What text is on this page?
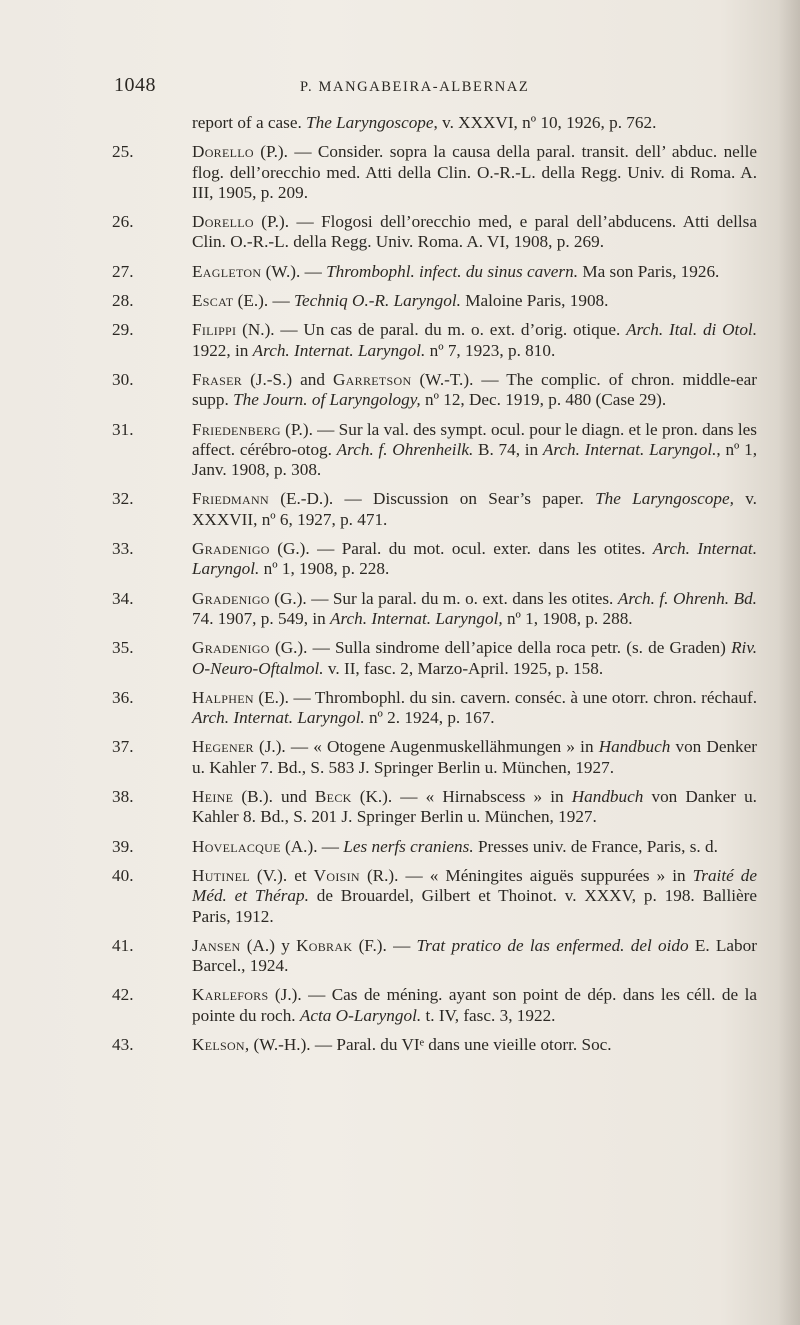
1048	P. MANGABEIRA-ALBERNAZ
report of a case. The Laryngoscope, v. XXXVI, nº 10, 1926, p. 762.
25.	Dorello (P.). — Consider. sopra la causa della paral. transit. dell’ abduc. nelle flog. dell’orecchio med. Atti della Clin. O.-R.-L. della Regg. Univ. di Roma. A. III, 1905, p. 209.
26.	Dorello (P.). — Flogosi dell’orecchio med, e paral dell’abducens. Atti dellsa Clin. O.-R.-L. della Regg. Univ. Roma. A. VI, 1908, p. 269.
27.	Eagleton (W.). — Thrombophl. infect. du sinus cavern. Ma son Paris, 1926.
28.	Escat (E.). — Techniq O.-R. Laryngol. Maloine Paris, 1908.
29.	Filippi (N.). — Un cas de paral. du m. o. ext. d’orig. otique. Arch. Ital. di Otol. 1922, in Arch. Internat. Laryngol. nº 7, 1923, p. 810.
30.	Fraser (J.-S.) and Garretson (W.-T.). — The complic. of chron. middle-ear supp. The Journ. of Laryngology, nº 12, Dec. 1919, p. 480 (Case 29).
31.	Friedenberg (P.). — Sur la val. des sympt. ocul. pour le diagn. et le pron. dans les affect. cérébro-otog. Arch. f. Ohrenheilk. B. 74, in Arch. Internat. Laryngol., nº 1, Janv. 1908, p. 308.
32.	Friedmann (E.-D.). — Discussion on Sear’s paper. The Laryngoscope, v. XXXVII, nº 6, 1927, p. 471.
33.	Gradenigo (G.). — Paral. du mot. ocul. exter. dans les otites. Arch. Internat. Laryngol. nº 1, 1908, p. 228.
34.	Gradenigo (G.). — Sur la paral. du m. o. ext. dans les otites. Arch. f. Ohrenh. Bd. 74. 1907, p. 549, in Arch. Internat. Laryngol, nº 1, 1908, p. 288.
35.	Gradenigo (G.). — Sulla sindrome dell’apice della roca petr. (s. de Graden) Riv. O-Neuro-Oftalmol. v. II, fasc. 2, Marzo-April. 1925, p. 158.
36.	Halphen (E.). — Thrombophl. du sin. cavern. conséc. à une otorr. chron. réchauf. Arch. Internat. Laryngol. nº 2. 1924, p. 167.
37.	Hegener (J.). — « Otogene Augenmuskellähmungen » in Handbuch von Denker u. Kahler 7. Bd., S. 583 J. Springer Berlin u. München, 1927.
38.	Heine (B.). und Beck (K.). — « Hirnabscess » in Handbuch von Danker u. Kahler 8. Bd., S. 201 J. Springer Berlin u. München, 1927.
39.	Hovelacque (A.). — Les nerfs craniens. Presses univ. de France, Paris, s. d.
40.	Hutinel (V.). et Voisin (R.). — « Méningites aiguës suppurées » in Traité de Méd. et Thérap. de Brouardel, Gilbert et Thoinot. v. XXXV, p. 198. Ballière Paris, 1912.
41.	Jansen (A.) y Kobrak (F.). — Trat pratico de las enfermed. del oido E. Labor Barcel., 1924.
42.	Karlefors (J.). — Cas de méning. ayant son point de dép. dans les céll. de la pointe du roch. Acta O-Laryngol. t. IV, fasc. 3, 1922.
43.	Kelson, (W.-H.). — Paral. du VIᵉ dans une vieille otorr. Soc.
